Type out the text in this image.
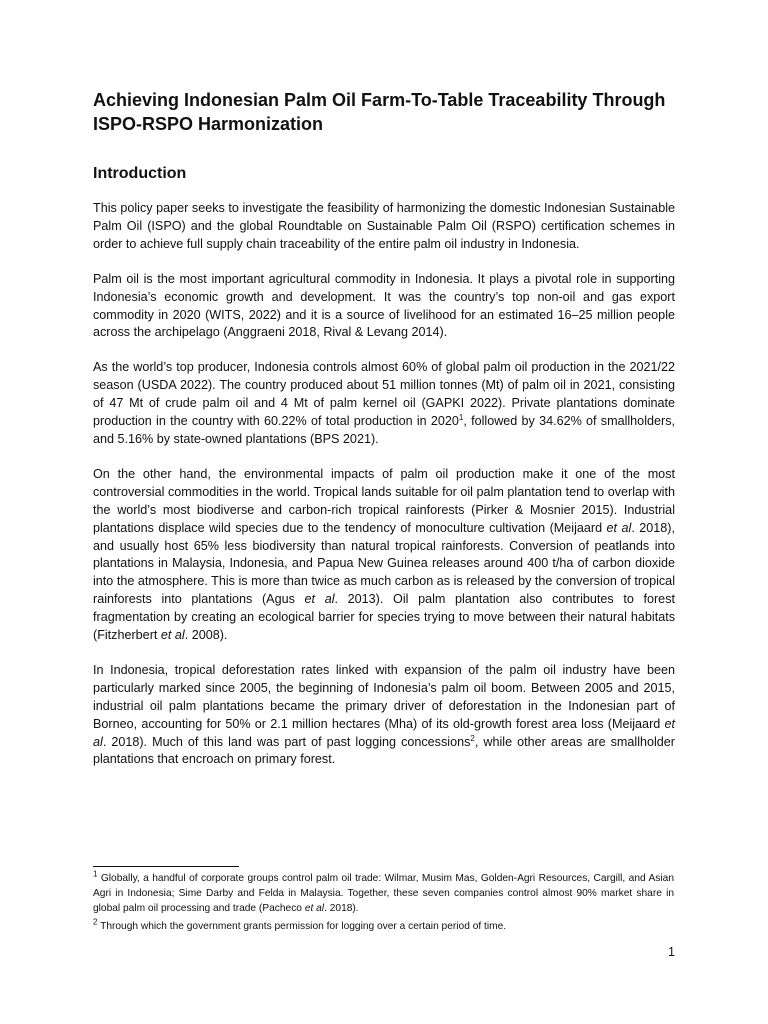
Achieving Indonesian Palm Oil Farm-To-Table Traceability Through ISPO-RSPO Harmonization
Introduction

This policy paper seeks to investigate the feasibility of harmonizing the domestic Indonesian Sustainable Palm Oil (ISPO) and the global Roundtable on Sustainable Palm Oil (RSPO) certification schemes in order to achieve full supply chain traceability of the entire palm oil industry in Indonesia.

Palm oil is the most important agricultural commodity in Indonesia. It plays a pivotal role in supporting Indonesia’s economic growth and development. It was the country’s top non-oil and gas export commodity in 2020 (WITS, 2022) and it is a source of livelihood for an estimated 16–25 million people across the archipelago (Anggraeni 2018, Rival & Levang 2014).

As the world’s top producer, Indonesia controls almost 60% of global palm oil production in the 2021/22 season (USDA 2022). The country produced about 51 million tonnes (Mt) of palm oil in 2021, consisting of 47 Mt of crude palm oil and 4 Mt of palm kernel oil (GAPKI 2022). Private plantations dominate production in the country with 60.22% of total production in 2020$^1$, followed by 34.62% of smallholders, and 5.16% by state-owned plantations (BPS 2021).

On the other hand, the environmental impacts of palm oil production make it one of the most controversial commodities in the world. Tropical lands suitable for oil palm plantation tend to overlap with the world’s most biodiverse and carbon-rich tropical rainforests (Pirker & Mosnier 2015). Industrial plantations displace wild species due to the tendency of monoculture cultivation (Meijaard et al. 2018), and usually host 65% less biodiversity than natural tropical rainforests. Conversion of peatlands into plantations in Malaysia, Indonesia, and Papua New Guinea releases around 400 t/ha of carbon dioxide into the atmosphere. This is more than twice as much carbon as is released by the conversion of tropical rainforests into plantations (Agus et al. 2013). Oil palm plantation also contributes to forest fragmentation by creating an ecological barrier for species trying to move between their natural habitats (Fitzherbert et al. 2008).

In Indonesia, tropical deforestation rates linked with expansion of the palm oil industry have been particularly marked since 2005, the beginning of Indonesia’s palm oil boom. Between 2005 and 2015, industrial oil palm plantations became the primary driver of deforestation in the Indonesian part of Borneo, accounting for 50% or 2.1 million hectares (Mha) of its old-growth forest area loss (Meijaard et al. 2018). Much of this land was part of past logging concessions$^2$, while other areas are smallholder plantations that encroach on primary forest.

$^1$ Globally, a handful of corporate groups control palm oil trade: Wilmar, Musim Mas, Golden-Agri Resources, Cargill, and Asian Agri in Indonesia; Sime Darby and Felda in Malaysia. Together, these seven companies control almost 90% market share in global palm oil processing and trade (Pacheco et al. 2018).

$^2$ Through which the government grants permission for logging over a certain period of time.

1
